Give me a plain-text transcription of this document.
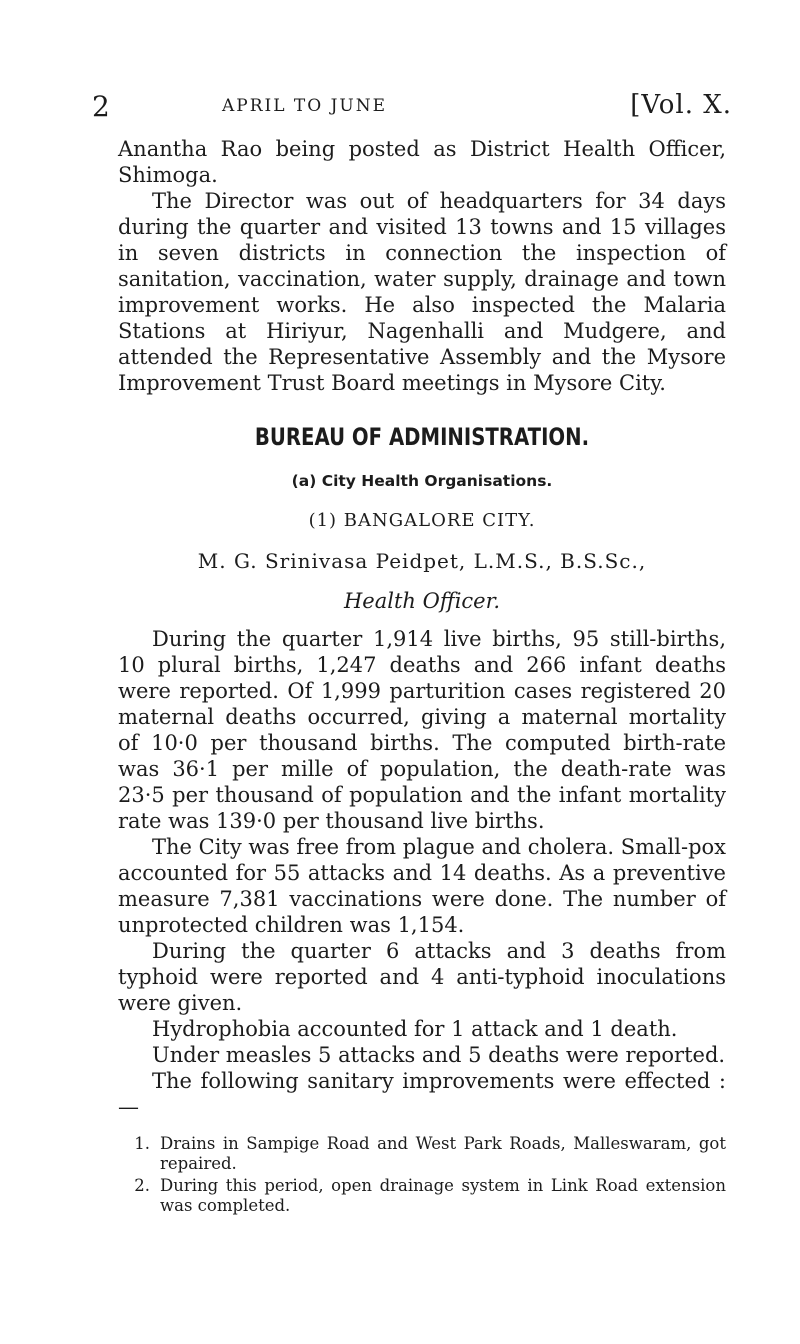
2	APRIL TO JUNE	[Vol. X.

Anantha Rao being posted as District Health Officer, Shimoga.

The Director was out of headquarters for 34 days during the quarter and visited 13 towns and 15 villages in seven districts in connection the inspection of sanitation, vaccination, water supply, drainage and town improvement works. He also inspected the Malaria Stations at Hiriyur, Nagenhalli and Mudgere, and attended the Representative Assembly and the Mysore Improvement Trust Board meetings in Mysore City.

BUREAU OF ADMINISTRATION.
(a) City Health Organisations.
(1) BANGALORE CITY.
M. G. Srinivasa Peidpet, L.M.S., B.S.Sc.,
Health Officer.

During the quarter 1,914 live births, 95 still-births, 10 plural births, 1,247 deaths and 266 infant deaths were reported. Of 1,999 parturition cases registered 20 maternal deaths occurred, giving a maternal mortality of 10·0 per thousand births. The computed birth-rate was 36·1 per mille of population, the death-rate was 23·5 per thousand of population and the infant mortality rate was 139·0 per thousand live births.

The City was free from plague and cholera. Small-pox accounted for 55 attacks and 14 deaths. As a preventive measure 7,381 vaccinations were done. The number of unprotected children was 1,154.

During the quarter 6 attacks and 3 deaths from typhoid were reported and 4 anti-typhoid inoculations were given.

Hydrophobia accounted for 1 attack and 1 death.

Under measles 5 attacks and 5 deaths were reported.

The following sanitary improvements were effected :—

1. Drains in Sampige Road and West Park Roads, Malleswaram, got repaired.
2. During this period, open drainage system in Link Road extension was completed.
